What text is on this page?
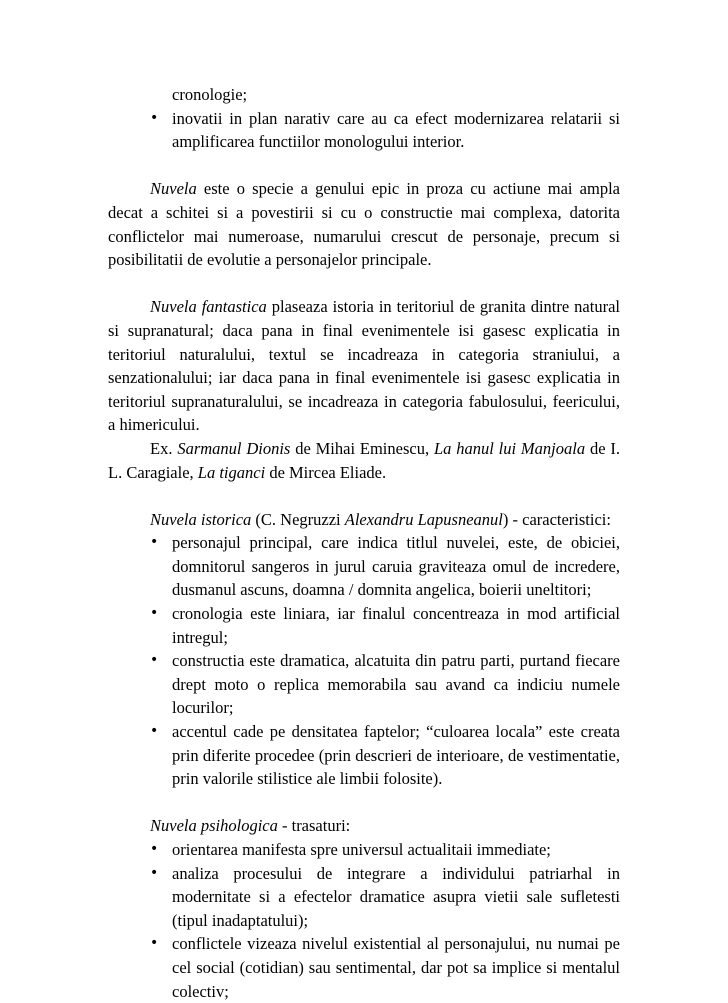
cronologie;

• inovatii in plan narativ care au ca efect modernizarea relatarii si amplificarea functiilor monologului interior.

Nuvela este o specie a genului epic in proza cu actiune mai ampla decat a schitei si a povestirii si cu o constructie mai complexa, datorita conflictelor mai numeroase, numarului crescut de personaje, precum si posibilitatii de evolutie a personajelor principale.

Nuvela fantastica plaseaza istoria in teritoriul de granita dintre natural si supranatural; daca pana in final evenimentele isi gasesc explicatia in teritoriul naturalului, textul se incadreaza in categoria straniului, a senzationalului; iar daca pana in final evenimentele isi gasesc explicatia in teritoriul supranaturalului, se incadreaza in categoria fabulosului, feericului, a himericului.

Ex. Sarmanul Dionis de Mihai Eminescu, La hanul lui Manjoala de I. L. Caragiale, La tiganci de Mircea Eliade.

Nuvela istorica (C. Negruzzi Alexandru Lapusneanul) - caracteristici:

• personajul principal, care indica titlul nuvelei, este, de obiciei, domnitorul sangeros in jurul caruia graviteaza omul de incredere, dusmanul ascuns, doamna / domnita angelica, boierii uneltitori;
• cronologia este liniara, iar finalul concentreaza in mod artificial intregul;
• constructia este dramatica, alcatuita din patru parti, purtand fiecare drept moto o replica memorabila sau avand ca indiciu numele locurilor;
• accentul cade pe densitatea faptelor; “culoarea locala” este creata prin diferite procedee (prin descrieri de interioare, de vestimentatie, prin valorile stilistice ale limbii folosite).

Nuvela psihologica - trasaturi:

• orientarea manifesta spre universul actualitaii immediate;
• analiza procesului de integrare a individului patriarhal in modernitate si a efectelor dramatice asupra vietii sale sufletesti (tipul inadaptatului);
• conflictele vizeaza nivelul existential al personajului, nu numai pe cel social (cotidian) sau sentimental, dar pot sa implice si mentalul colectiv;
